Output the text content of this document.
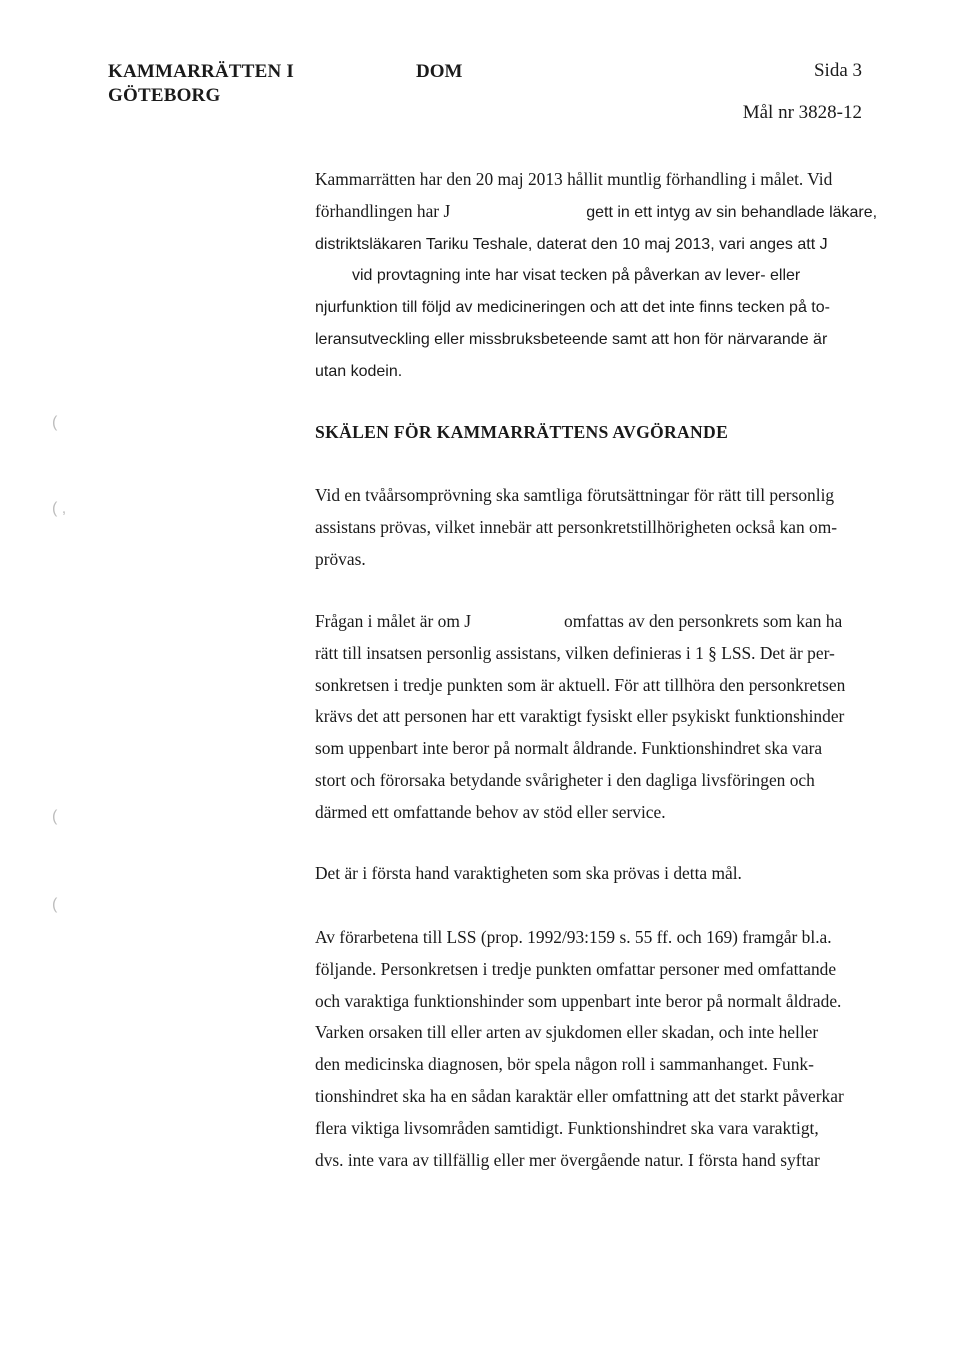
KAMMARRÄTTEN I
GÖTEBORG
DOM	Sida 3
Mål nr 3828-12

Kammarrätten har den 20 maj 2013 hållit muntlig förhandling i målet. Vid

förhandlingen har J	gett in ett intyg av sin behandlade läkare,

distriktsläkaren Tariku Teshale, daterat den 10 maj 2013, vari anges att J

vid provtagning inte har visat tecken på påverkan av lever- eller

njurfunktion till följd av medicineringen och att det inte finns tecken på to-

leransutveckling eller missbruksbeteende samt att hon för närvarande är

utan kodein.

SKÄLEN FÖR KAMMARRÄTTENS AVGÖRANDE

Vid en tvåårsomprövning ska samtliga förutsättningar för rätt till personlig

assistans prövas, vilket innebär att personkretstillhörigheten också kan om-

prövas.

Frågan i målet är om J	omfattas av den personkrets som kan ha

rätt till insatsen personlig assistans, vilken definieras i 1 § LSS. Det är per-

sonkretsen i tredje punkten som är aktuell. För att tillhöra den personkretsen

krävs det att personen har ett varaktigt fysiskt eller psykiskt funktionshinder

som uppenbart inte beror på normalt åldrande. Funktionshindret ska vara

stort och förorsaka betydande svårigheter i den dagliga livsföringen och

därmed ett omfattande behov av stöd eller service.

Det är i första hand varaktigheten som ska prövas i detta mål.

Av förarbetena till LSS (prop. 1992/93:159 s. 55 ff. och 169) framgår bl.a.

följande. Personkretsen i tredje punkten omfattar personer med omfattande

och varaktiga funktionshinder som uppenbart inte beror på normalt åldrade.

Varken orsaken till eller arten av sjukdomen eller skadan, och inte heller

den medicinska diagnosen, bör spela någon roll i sammanhanget. Funk-

tionshindret ska ha en sådan karaktär eller omfattning att det starkt påverkar

flera viktiga livsområden samtidigt. Funktionshindret ska vara varaktigt,

dvs. inte vara av tillfällig eller mer övergående natur. I första hand syftar

(
( ,
(
(
